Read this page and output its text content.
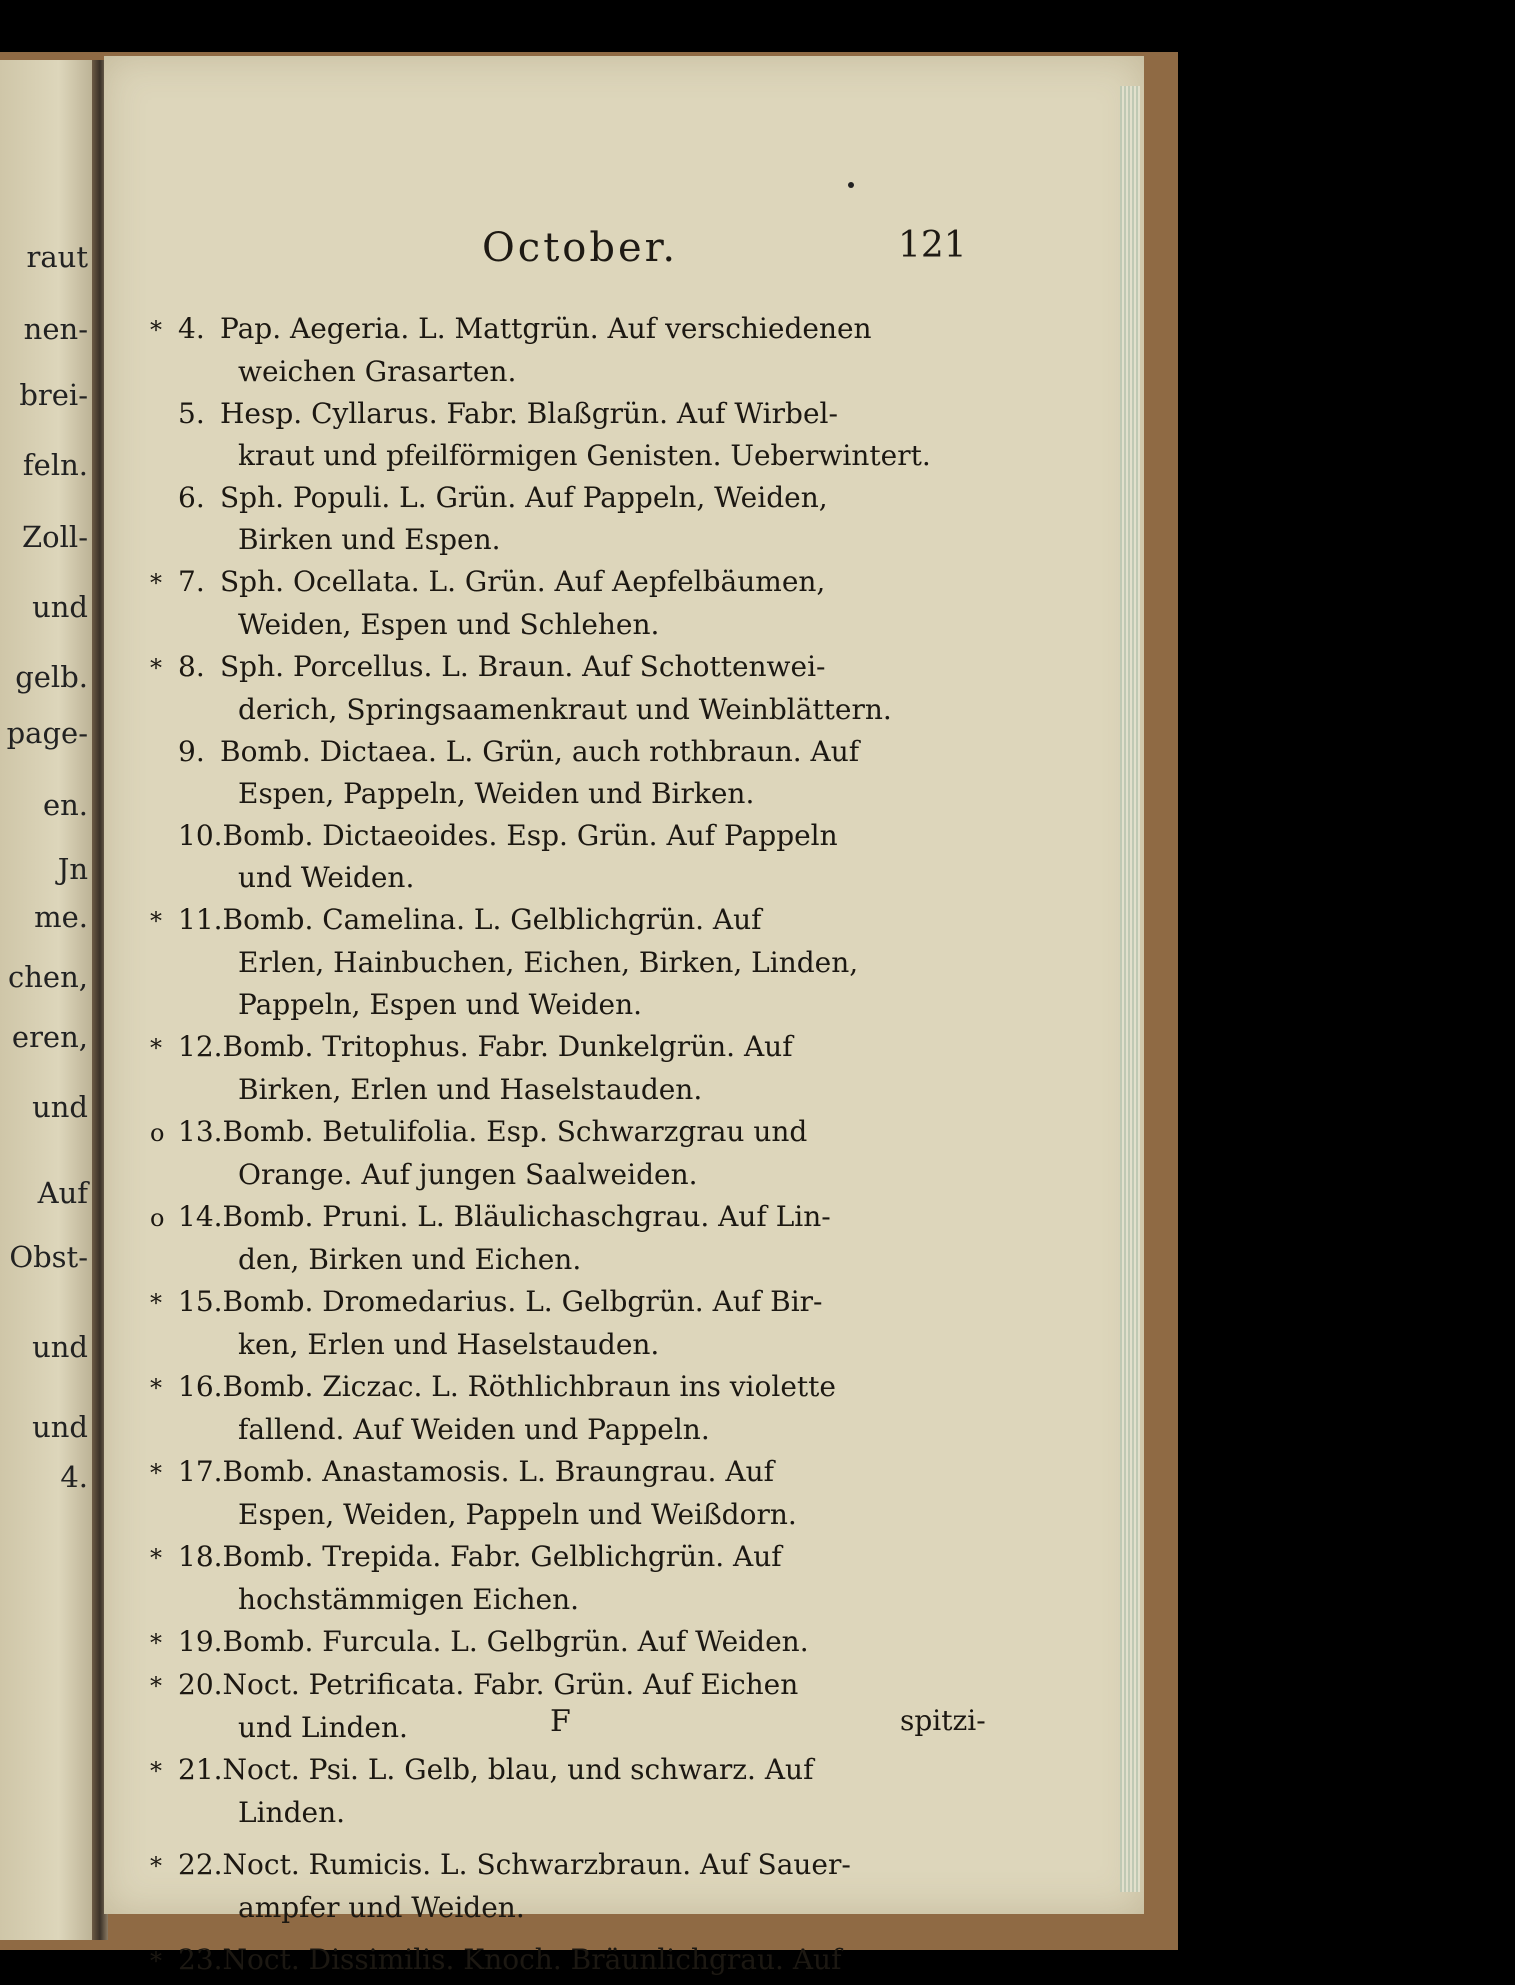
raut
nen-
brei-
feln.
Zoll-
und
gelb.
page-
en.
Jn
me.
chen,
eren,
und
Auf
Obst-
und
und
4.
October.	121
* 4. Pap. Aegeria. L. Mattgrün. Auf verschiedenen
weichen Grasarten.
5. Hesp. Cyllarus. Fabr. Blaßgrün. Auf Wirbel-
kraut und pfeilförmigen Genisten. Ueberwintert.
6. Sph. Populi. L. Grün. Auf Pappeln, Weiden,
Birken und Espen.
* 7. Sph. Ocellata. L. Grün. Auf Aepfelbäumen,
Weiden, Espen und Schlehen.
* 8. Sph. Porcellus. L. Braun. Auf Schottenwei-
derich, Springsaamenkraut und Weinblättern.
9. Bomb. Dictaea. L. Grün, auch rothbraun. Auf
Espen, Pappeln, Weiden und Birken.
10. Bomb. Dictaeoides. Esp. Grün. Auf Pappeln
und Weiden.
* 11. Bomb. Camelina. L. Gelblichgrün. Auf
Erlen, Hainbuchen, Eichen, Birken, Linden,
Pappeln, Espen und Weiden.
* 12. Bomb. Tritophus. Fabr. Dunkelgrün. Auf
Birken, Erlen und Haselstauden.
o 13. Bomb. Betulifolia. Esp. Schwarzgrau und
Orange. Auf jungen Saalweiden.
o 14. Bomb. Pruni. L. Bläulichaschgrau. Auf Lin-
den, Birken und Eichen.
* 15. Bomb. Dromedarius. L. Gelbgrün. Auf Bir-
ken, Erlen und Haselstauden.
* 16. Bomb. Ziczac. L. Röthlichbraun ins violette
fallend. Auf Weiden und Pappeln.
* 17. Bomb. Anastamosis. L. Braungrau. Auf
Espen, Weiden, Pappeln und Weißdorn.
* 18. Bomb. Trepida. Fabr. Gelblichgrün. Auf
hochstämmigen Eichen.
* 19. Bomb. Furcula. L. Gelbgrün. Auf Weiden.
* 20. Noct. Petrificata. Fabr. Grün. Auf Eichen
und Linden.
* 21. Noct. Psi. L. Gelb, blau, und schwarz. Auf
Linden.
* 22. Noct. Rumicis. L. Schwarzbraun. Auf Sauer-
ampfer und Weiden.
* 23. Noct. Dissimilis. Knoch. Bräunlichgrau. Auf
F	spitzi-
